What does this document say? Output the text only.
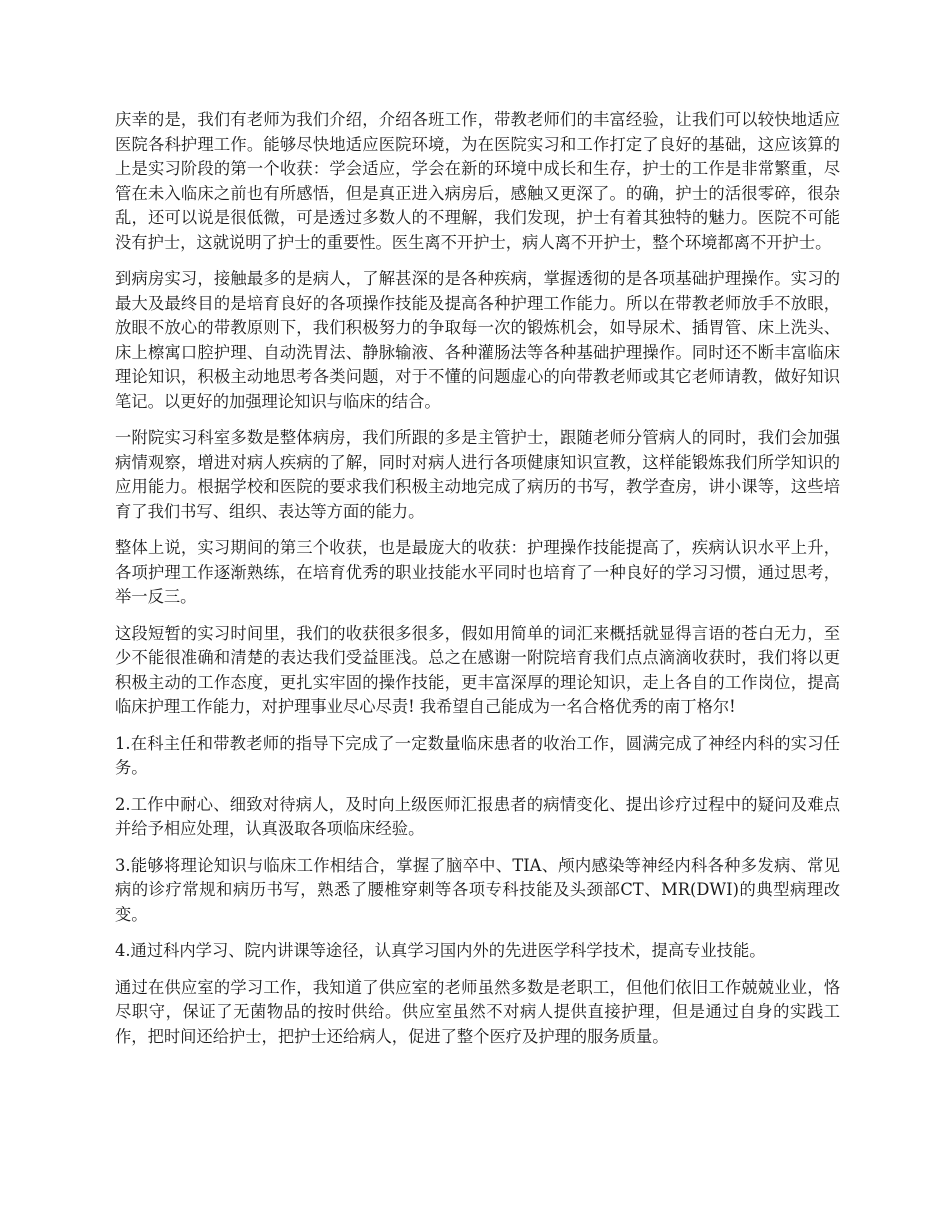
庆幸的是，我们有老师为我们介绍，介绍各班工作，带教老师们的丰富经验，让我们可以较快地适应医院各科护理工作。能够尽快地适应医院环境，为在医院实习和工作打定了良好的基础，这应该算的上是实习阶段的第一个收获：学会适应，学会在新的环境中成长和生存，护士的工作是非常繁重，尽管在未入临床之前也有所感悟，但是真正进入病房后，感触又更深了。的确，护士的活很零碎，很杂乱，还可以说是很低微，可是透过多数人的不理解，我们发现，护士有着其独特的魅力。医院不可能没有护士，这就说明了护士的重要性。医生离不开护士，病人离不开护士，整个环境都离不开护士。

到病房实习，接触最多的是病人，了解甚深的是各种疾病，掌握透彻的是各项基础护理操作。实习的最大及最终目的是培育良好的各项操作技能及提高各种护理工作能力。所以在带教老师放手不放眼，放眼不放心的带教原则下，我们积极努力的争取每一次的锻炼机会，如导尿术、插胃管、床上洗头、床上檫寓口腔护理、自动洗胃法、静脉输液、各种灌肠法等各种基础护理操作。同时还不断丰富临床理论知识，积极主动地思考各类问题，对于不懂的问题虚心的向带教老师或其它老师请教，做好知识笔记。以更好的加强理论知识与临床的结合。

一附院实习科室多数是整体病房，我们所跟的多是主管护士，跟随老师分管病人的同时，我们会加强病情观察，增进对病人疾病的了解，同时对病人进行各项健康知识宣教，这样能锻炼我们所学知识的应用能力。根据学校和医院的要求我们积极主动地完成了病历的书写，教学查房，讲小课等，这些培育了我们书写、组织、表达等方面的能力。

整体上说，实习期间的第三个收获，也是最庞大的收获：护理操作技能提高了，疾病认识水平上升，各项护理工作逐渐熟练，在培育优秀的职业技能水平同时也培育了一种良好的学习习惯，通过思考，举一反三。

这段短暂的实习时间里，我们的收获很多很多，假如用简单的词汇来概括就显得言语的苍白无力，至少不能很准确和清楚的表达我们受益匪浅。总之在感谢一附院培育我们点点滴滴收获时，我们将以更积极主动的工作态度，更扎实牢固的操作技能，更丰富深厚的理论知识，走上各自的工作岗位，提高临床护理工作能力，对护理事业尽心尽责! 我希望自己能成为一名合格优秀的南丁格尔!

1.在科主任和带教老师的指导下完成了一定数量临床患者的收治工作，圆满完成了神经内科的实习任务。

2.工作中耐心、细致对待病人，及时向上级医师汇报患者的病情变化、提出诊疗过程中的疑问及难点并给予相应处理，认真汲取各项临床经验。

3.能够将理论知识与临床工作相结合，掌握了脑卒中、TIA、颅内感染等神经内科各种多发病、常见病的诊疗常规和病历书写，熟悉了腰椎穿刺等各项专科技能及头颈部CT、MR(DWI)的典型病理改变。

4.通过科内学习、院内讲课等途径，认真学习国内外的先进医学科学技术，提高专业技能。

通过在供应室的学习工作，我知道了供应室的老师虽然多数是老职工，但他们依旧工作兢兢业业，恪尽职守，保证了无菌物品的按时供给。供应室虽然不对病人提供直接护理，但是通过自身的实践工作，把时间还给护士，把护士还给病人，促进了整个医疗及护理的服务质量。
